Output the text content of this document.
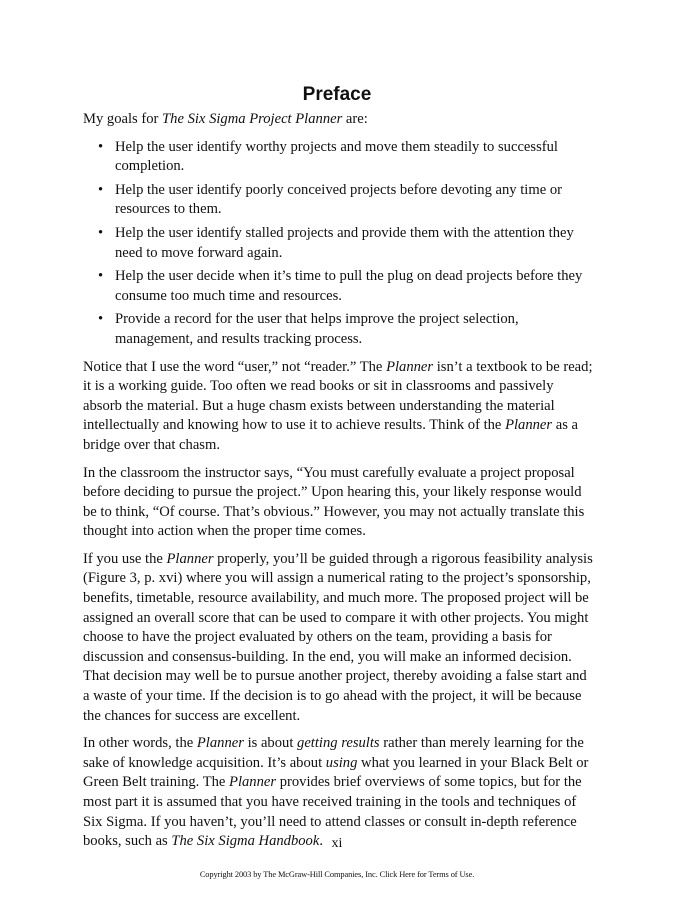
Preface

My goals for The Six Sigma Project Planner are:

• Help the user identify worthy projects and move them steadily to successful completion.
• Help the user identify poorly conceived projects before devoting any time or resources to them.
• Help the user identify stalled projects and provide them with the attention they need to move forward again.
• Help the user decide when it’s time to pull the plug on dead projects before they consume too much time and resources.
• Provide a record for the user that helps improve the project selection, management, and results tracking process.

Notice that I use the word “user,” not “reader.” The Planner isn’t a textbook to be read; it is a working guide. Too often we read books or sit in classrooms and passively absorb the material. But a huge chasm exists between understanding the material intellectually and knowing how to use it to achieve results. Think of the Planner as a bridge over that chasm.

In the classroom the instructor says, “You must carefully evaluate a project proposal before deciding to pursue the project.” Upon hearing this, your likely response would be to think, “Of course. That’s obvious.” However, you may not actually translate this thought into action when the proper time comes.

If you use the Planner properly, you’ll be guided through a rigorous feasibility analysis (Figure 3, p. xvi) where you will assign a numerical rating to the project’s sponsorship, benefits, timetable, resource availability, and much more. The proposed project will be assigned an overall score that can be used to compare it with other projects. You might choose to have the project evaluated by others on the team, providing a basis for discussion and consensus-building. In the end, you will make an informed decision. That decision may well be to pursue another project, thereby avoiding a false start and a waste of your time. If the decision is to go ahead with the project, it will be because the chances for success are excellent.

In other words, the Planner is about getting results rather than merely learning for the sake of knowledge acquisition. It’s about using what you learned in your Black Belt or Green Belt training. The Planner provides brief overviews of some topics, but for the most part it is assumed that you have received training in the tools and techniques of Six Sigma. If you haven’t, you’ll need to attend classes or consult in-depth reference books, such as The Six Sigma Handbook. xi
Copyright 2003 by The McGraw-Hill Companies, Inc. Click Here for Terms of Use.
